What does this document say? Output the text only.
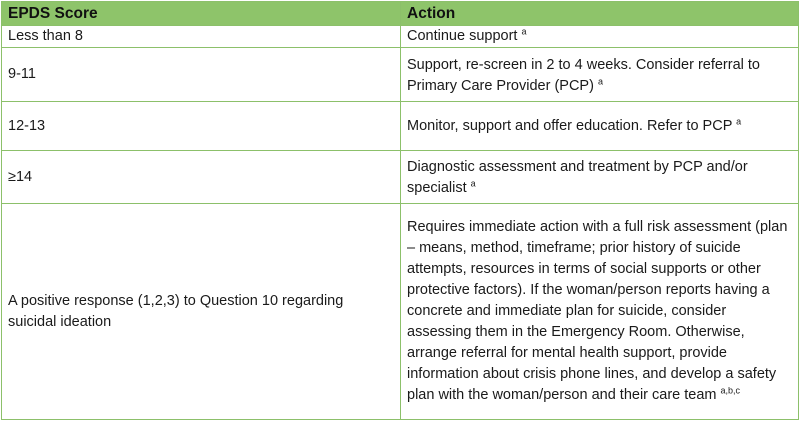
EPDS Score	Action
Less than 8	Continue support $^a$
9-11	Support, re-screen in 2 to 4 weeks. Consider referral to Primary Care Provider (PCP) $^a$
12-13	Monitor, support and offer education. Refer to PCP $^a$
≥14	Diagnostic assessment and treatment by PCP and/or specialist $^a$
A positive response (1,2,3) to Question 10 regarding suicidal ideation	Requires immediate action with a full risk assessment (plan – means, method, timeframe; prior history of suicide attempts, resources in terms of social supports or other protective factors). If the woman/person reports having a concrete and immediate plan for suicide, consider assessing them in the Emergency Room. Otherwise, arrange referral for mental health support, provide information about crisis phone lines, and develop a safety plan with the woman/person and their care team $^{a,b,c}$
